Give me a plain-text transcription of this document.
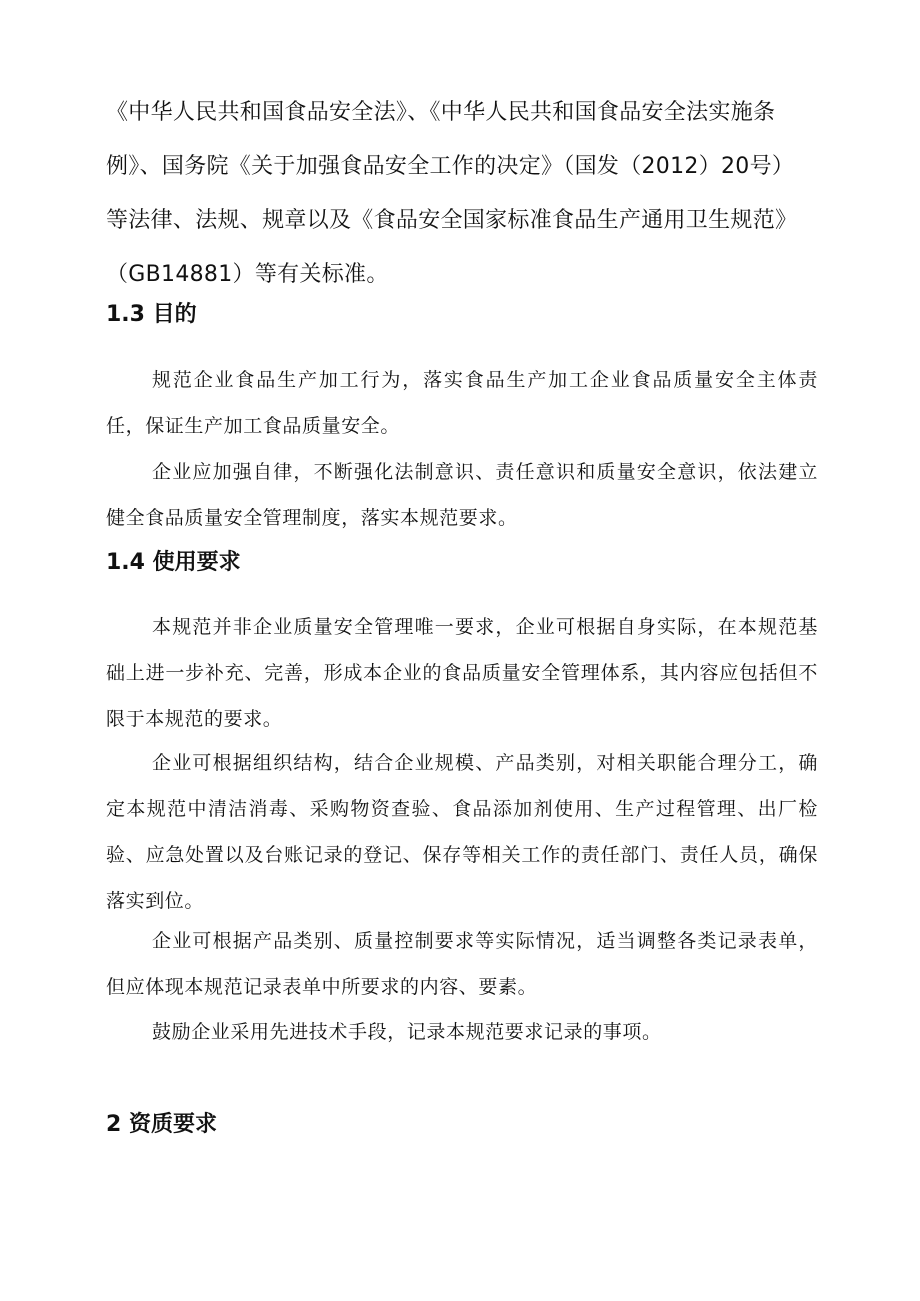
《中华人民共和国食品安全法》、《中华人民共和国食品安全法实施条例》、国务院《关于加强食品安全工作的决定》（国发（2012）20号）等法律、法规、规章以及《食品安全国家标准食品生产通用卫生规范》（GB14881）等有关标准。

1.3 目的

规范企业食品生产加工行为，落实食品生产加工企业食品质量安全主体责任，保证生产加工食品质量安全。

企业应加强自律，不断强化法制意识、责任意识和质量安全意识，依法建立健全食品质量安全管理制度，落实本规范要求。

1.4 使用要求

本规范并非企业质量安全管理唯一要求，企业可根据自身实际，在本规范基础上进一步补充、完善，形成本企业的食品质量安全管理体系，其内容应包括但不限于本规范的要求。

企业可根据组织结构，结合企业规模、产品类别，对相关职能合理分工，确定本规范中清洁消毒、采购物资查验、食品添加剂使用、生产过程管理、出厂检验、应急处置以及台账记录的登记、保存等相关工作的责任部门、责任人员，确保落实到位。

企业可根据产品类别、质量控制要求等实际情况，适当调整各类记录表单，但应体现本规范记录表单中所要求的内容、要素。

鼓励企业采用先进技术手段，记录本规范要求记录的事项。

2 资质要求
